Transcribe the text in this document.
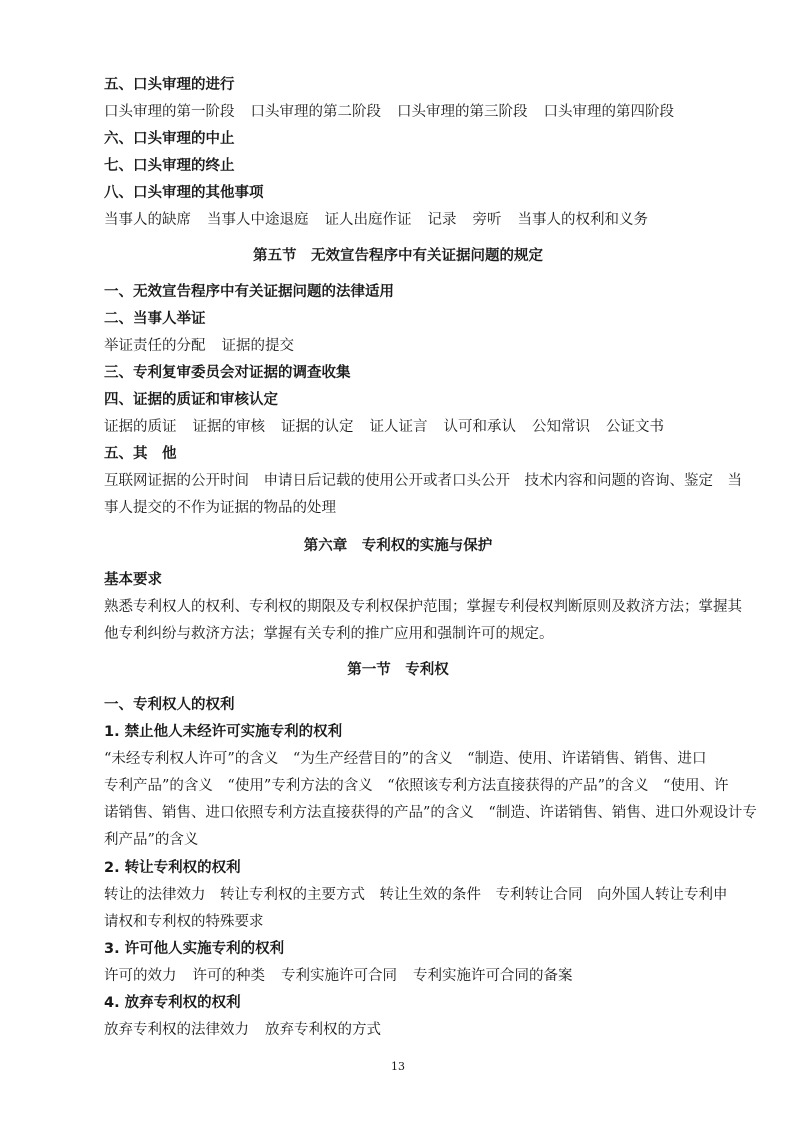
五、口头审理的进行
口头审理的第一阶段 口头审理的第二阶段 口头审理的第三阶段 口头审理的第四阶段
六、口头审理的中止
七、口头审理的终止
八、口头审理的其他事项
当事人的缺席 当事人中途退庭 证人出庭作证 记录 旁听 当事人的权利和义务
第五节　无效宣告程序中有关证据问题的规定
一、无效宣告程序中有关证据问题的法律适用
二、当事人举证
举证责任的分配 证据的提交
三、专利复审委员会对证据的调查收集
四、证据的质证和审核认定
证据的质证 证据的审核 证据的认定 证人证言 认可和承认 公知常识 公证文书
五、其　他
互联网证据的公开时间　申请日后记载的使用公开或者口头公开　技术内容和问题的咨询、鉴定　当
事人提交的不作为证据的物品的处理
第六章　专利权的实施与保护
基本要求
熟悉专利权人的权利、专利权的期限及专利权保护范围；掌握专利侵权判断原则及救济方法；掌握其
他专利纠纷与救济方法；掌握有关专利的推广应用和强制许可的规定。
第一节　专利权
一、专利权人的权利
1. 禁止他人未经许可实施专利的权利
“未经专利权人许可”的含义　“为生产经营目的”的含义　“制造、使用、许诺销售、销售、进口
专利产品”的含义　“使用”专利方法的含义　“依照该专利方法直接获得的产品”的含义　“使用、许
诺销售、销售、进口依照专利方法直接获得的产品”的含义　“制造、许诺销售、销售、进口外观设计专
利产品”的含义
2. 转让专利权的权利
转让的法律效力　转让专利权的主要方式　转让生效的条件　专利转让合同　向外国人转让专利申
请权和专利权的特殊要求
3. 许可他人实施专利的权利
许可的效力 许可的种类 专利实施许可合同 专利实施许可合同的备案
4. 放弃专利权的权利
放弃专利权的法律效力 放弃专利权的方式
13
